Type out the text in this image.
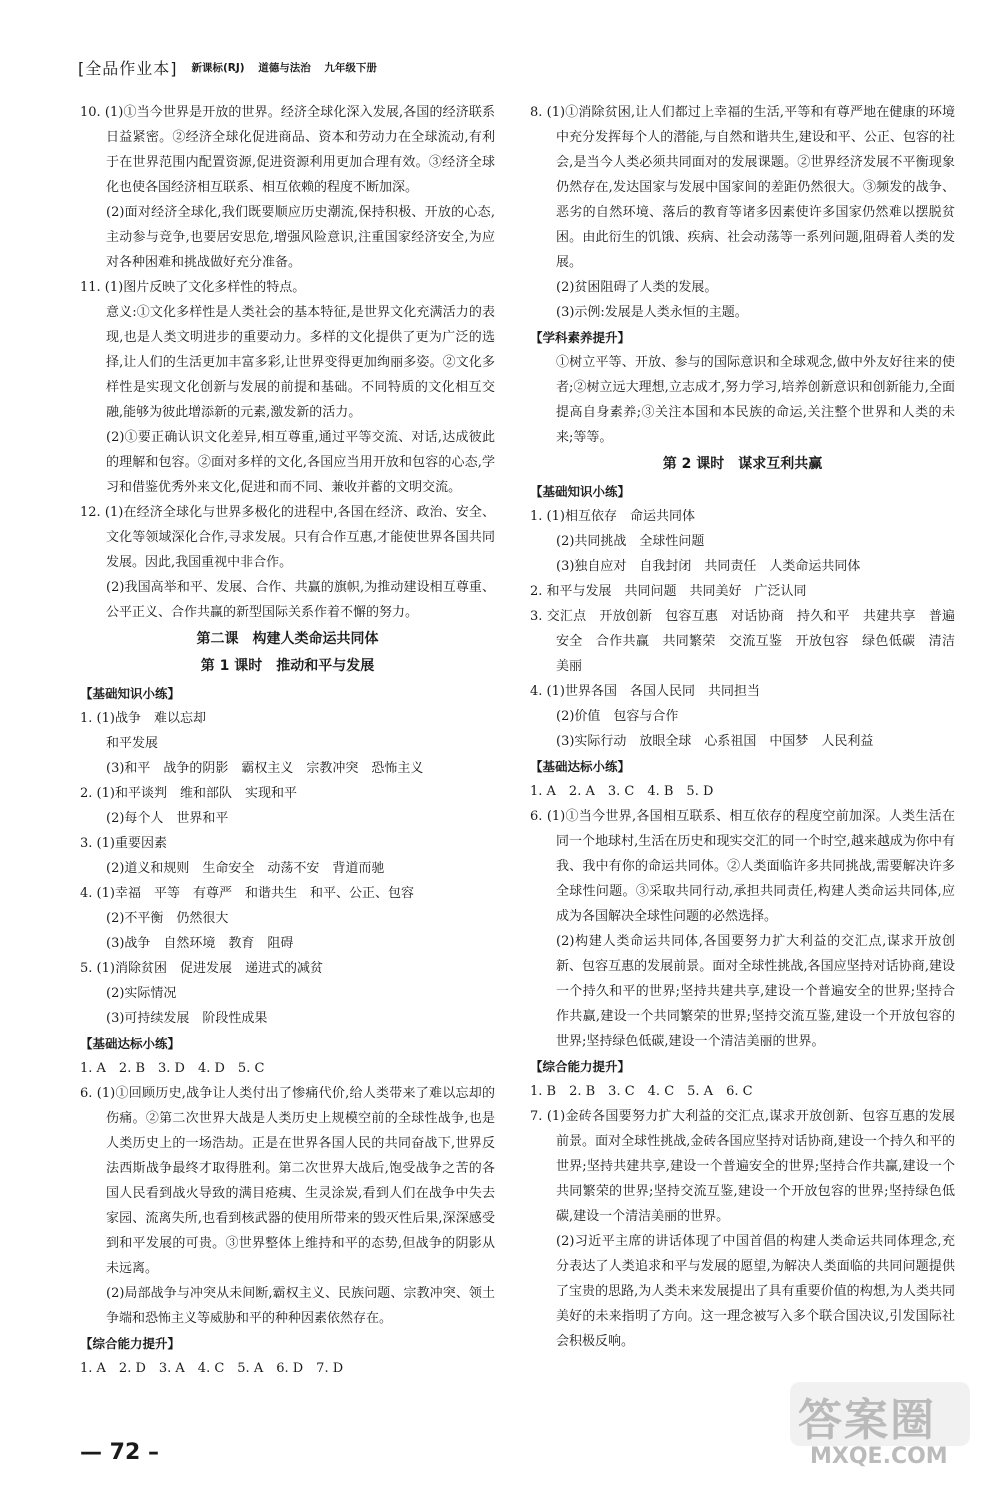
[全品作业本] 新课标(RJ) 道德与法治 九年级下册
10. (1)①当今世界是开放的世界。经济全球化深入发展,各国的经济联系日益紧密。②经济全球化促进商品、资本和劳动力在全球流动,有利于在世界范围内配置资源,促进资源利用更加合理有效。③经济全球化也使各国经济相互联系、相互依赖的程度不断加深。
(2)面对经济全球化,我们既要顺应历史潮流,保持积极、开放的心态,主动参与竞争,也要居安思危,增强风险意识,注重国家经济安全,为应对各种困难和挑战做好充分准备。
11. (1)图片反映了文化多样性的特点。
意义:①文化多样性是人类社会的基本特征,是世界文化充满活力的表现,也是人类文明进步的重要动力。多样的文化提供了更为广泛的选择,让人们的生活更加丰富多彩,让世界变得更加绚丽多姿。②文化多样性是实现文化创新与发展的前提和基础。不同特质的文化相互交融,能够为彼此增添新的元素,激发新的活力。
(2)①要正确认识文化差异,相互尊重,通过平等交流、对话,达成彼此的理解和包容。②面对多样的文化,各国应当用开放和包容的心态,学习和借鉴优秀外来文化,促进和而不同、兼收并蓄的文明交流。
12. (1)在经济全球化与世界多极化的进程中,各国在经济、政治、安全、文化等领域深化合作,寻求发展。只有合作互惠,才能使世界各国共同发展。因此,我国重视中非合作。
(2)我国高举和平、发展、合作、共赢的旗帜,为推动建设相互尊重、公平正义、合作共赢的新型国际关系作着不懈的努力。
第二课　构建人类命运共同体
第 1 课时　推动和平与发展
【基础知识小练】
1. (1)战争　难以忘却
和平发展
(3)和平　战争的阴影　霸权主义　宗教冲突　恐怖主义
2. (1)和平谈判　维和部队　实现和平
(2)每个人　世界和平
3. (1)重要因素
(2)道义和规则　生命安全　动荡不安　背道而驰
4. (1)幸福　平等　有尊严　和谐共生　和平、公正、包容
(2)不平衡　仍然很大
(3)战争　自然环境　教育　阻碍
5. (1)消除贫困　促进发展　递进式的减贫
(2)实际情况
(3)可持续发展　阶段性成果
【基础达标小练】
1. A　2. B　3. D　4. D　5. C
6. (1)①回顾历史,战争让人类付出了惨痛代价,给人类带来了难以忘却的伤痛。②第二次世界大战是人类历史上规模空前的全球性战争,也是人类历史上的一场浩劫。正是在世界各国人民的共同奋战下,世界反法西斯战争最终才取得胜利。第二次世界大战后,饱受战争之苦的各国人民看到战火导致的满目疮痍、生灵涂炭,看到人们在战争中失去家园、流离失所,也看到核武器的使用所带来的毁灭性后果,深深感受到和平发展的可贵。③世界整体上维持和平的态势,但战争的阴影从未远离。
(2)局部战争与冲突从未间断,霸权主义、民族问题、宗教冲突、领土争端和恐怖主义等威胁和平的种种因素依然存在。
【综合能力提升】
1. A　2. D　3. A　4. C　5. A　6. D　7. D
8. (1)①消除贫困,让人们都过上幸福的生活,平等和有尊严地在健康的环境中充分发挥每个人的潜能,与自然和谐共生,建设和平、公正、包容的社会,是当今人类必须共同面对的发展课题。②世界经济发展不平衡现象仍然存在,发达国家与发展中国家间的差距仍然很大。③频发的战争、恶劣的自然环境、落后的教育等诸多因素使许多国家仍然难以摆脱贫困。由此衍生的饥饿、疾病、社会动荡等一系列问题,阻碍着人类的发展。
(2)贫困阻碍了人类的发展。
(3)示例:发展是人类永恒的主题。
【学科素养提升】
①树立平等、开放、参与的国际意识和全球观念,做中外友好往来的使者;②树立远大理想,立志成才,努力学习,培养创新意识和创新能力,全面提高自身素养;③关注本国和本民族的命运,关注整个世界和人类的未来;等等。
第 2 课时　谋求互利共赢
【基础知识小练】
1. (1)相互依存　命运共同体
(2)共同挑战　全球性问题
(3)独自应对　自我封闭　共同责任　人类命运共同体
2. 和平与发展　共同问题　共同美好　广泛认同
3. 交汇点　开放创新　包容互惠　对话协商　持久和平　共建共享　普遍安全　合作共赢　共同繁荣　交流互鉴　开放包容　绿色低碳　清洁美丽
4. (1)世界各国　各国人民同　共同担当
(2)价值　包容与合作
(3)实际行动　放眼全球　心系祖国　中国梦　人民利益
【基础达标小练】
1. A　2. A　3. C　4. B　5. D
6. (1)①当今世界,各国相互联系、相互依存的程度空前加深。人类生活在同一个地球村,生活在历史和现实交汇的同一个时空,越来越成为你中有我、我中有你的命运共同体。②人类面临许多共同挑战,需要解决许多全球性问题。③采取共同行动,承担共同责任,构建人类命运共同体,应成为各国解决全球性问题的必然选择。
(2)构建人类命运共同体,各国要努力扩大利益的交汇点,谋求开放创新、包容互惠的发展前景。面对全球性挑战,各国应坚持对话协商,建设一个持久和平的世界;坚持共建共享,建设一个普遍安全的世界;坚持合作共赢,建设一个共同繁荣的世界;坚持交流互鉴,建设一个开放包容的世界;坚持绿色低碳,建设一个清洁美丽的世界。
【综合能力提升】
1. B　2. B　3. C　4. C　5. A　6. C
7. (1)金砖各国要努力扩大利益的交汇点,谋求开放创新、包容互惠的发展前景。面对全球性挑战,金砖各国应坚持对话协商,建设一个持久和平的世界;坚持共建共享,建设一个普遍安全的世界;坚持合作共赢,建设一个共同繁荣的世界;坚持交流互鉴,建设一个开放包容的世界;坚持绿色低碳,建设一个清洁美丽的世界。
(2)习近平主席的讲话体现了中国首倡的构建人类命运共同体理念,充分表达了人类追求和平与发展的愿望,为解决人类面临的共同问题提供了宝贵的思路,为人类未来发展提出了具有重要价值的构想,为人类共同美好的未来指明了方向。这一理念被写入多个联合国决议,引发国际社会积极反响。
— 72 –
答案圈
MXQE.COM
